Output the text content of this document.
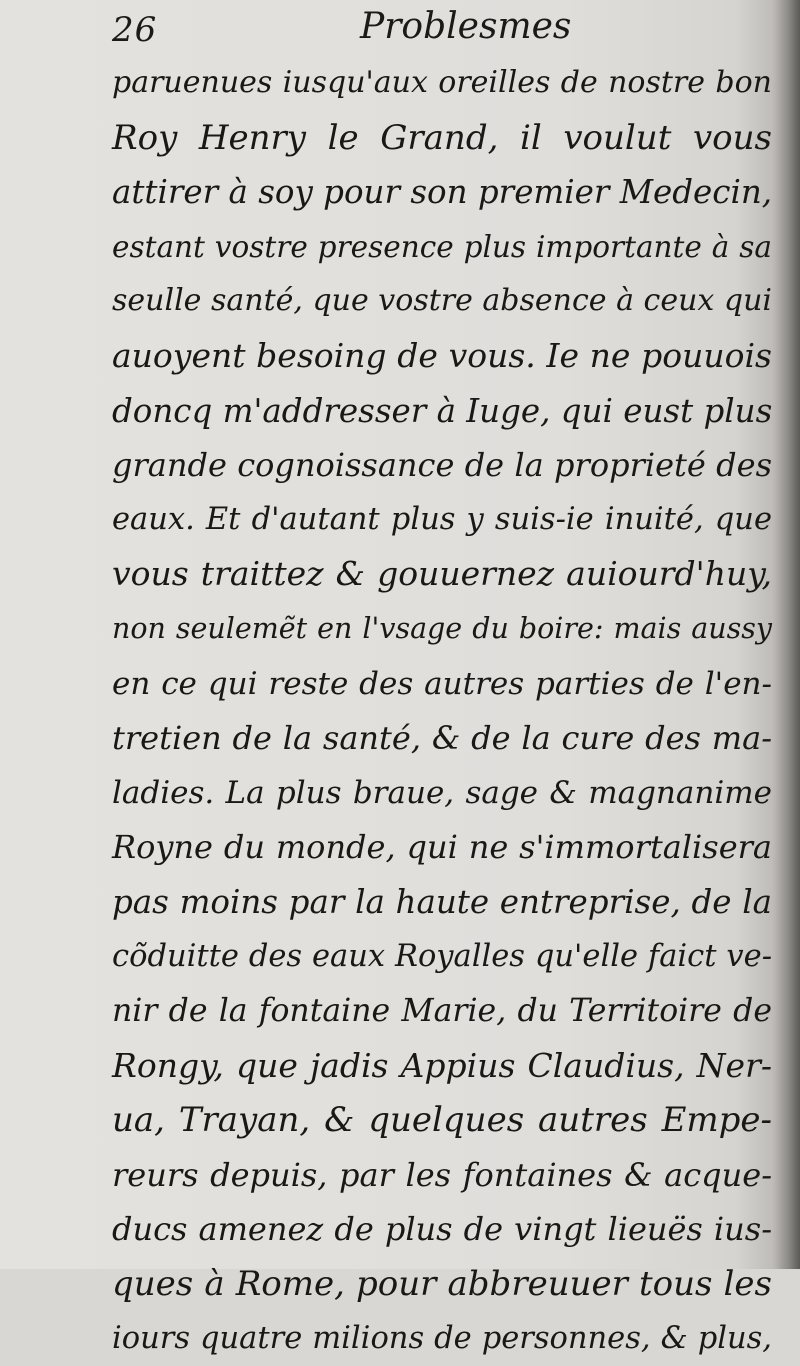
26	Problesmes
paruenues iusqu'aux oreilles de nostre bon
Roy Henry le Grand, il voulut vous
attirer à soy pour son premier Medecin,
estant vostre presence plus importante à sa
seulle santé, que vostre absence à ceux qui
auoyent besoing de vous. Ie ne pouuois
doncq m'addresser à Iuge, qui eust plus
grande cognoissance de la proprieté des
eaux. Et d'autant plus y suis-ie inuité, que
vous traittez & gouuernez auiourd'huy,
non seulemẽt en l'vsage du boire: mais aussy
en ce qui reste des autres parties de l'en-
tretien de la santé, & de la cure des ma-
ladies. La plus braue, sage & magnanime
Royne du monde, qui ne s'immortalisera
pas moins par la haute entreprise, de la
cõduitte des eaux Royalles qu'elle faict ve-
nir de la fontaine Marie, du Territoire de
Rongy, que jadis Appius Claudius, Ner-
ua, Trayan, & quelques autres Empe-
reurs depuis, par les fontaines & acque-
ducs amenez de plus de vingt lieuës ius-
ques à Rome, pour abbreuuer tous les
iours quatre milions de personnes, & plus,
